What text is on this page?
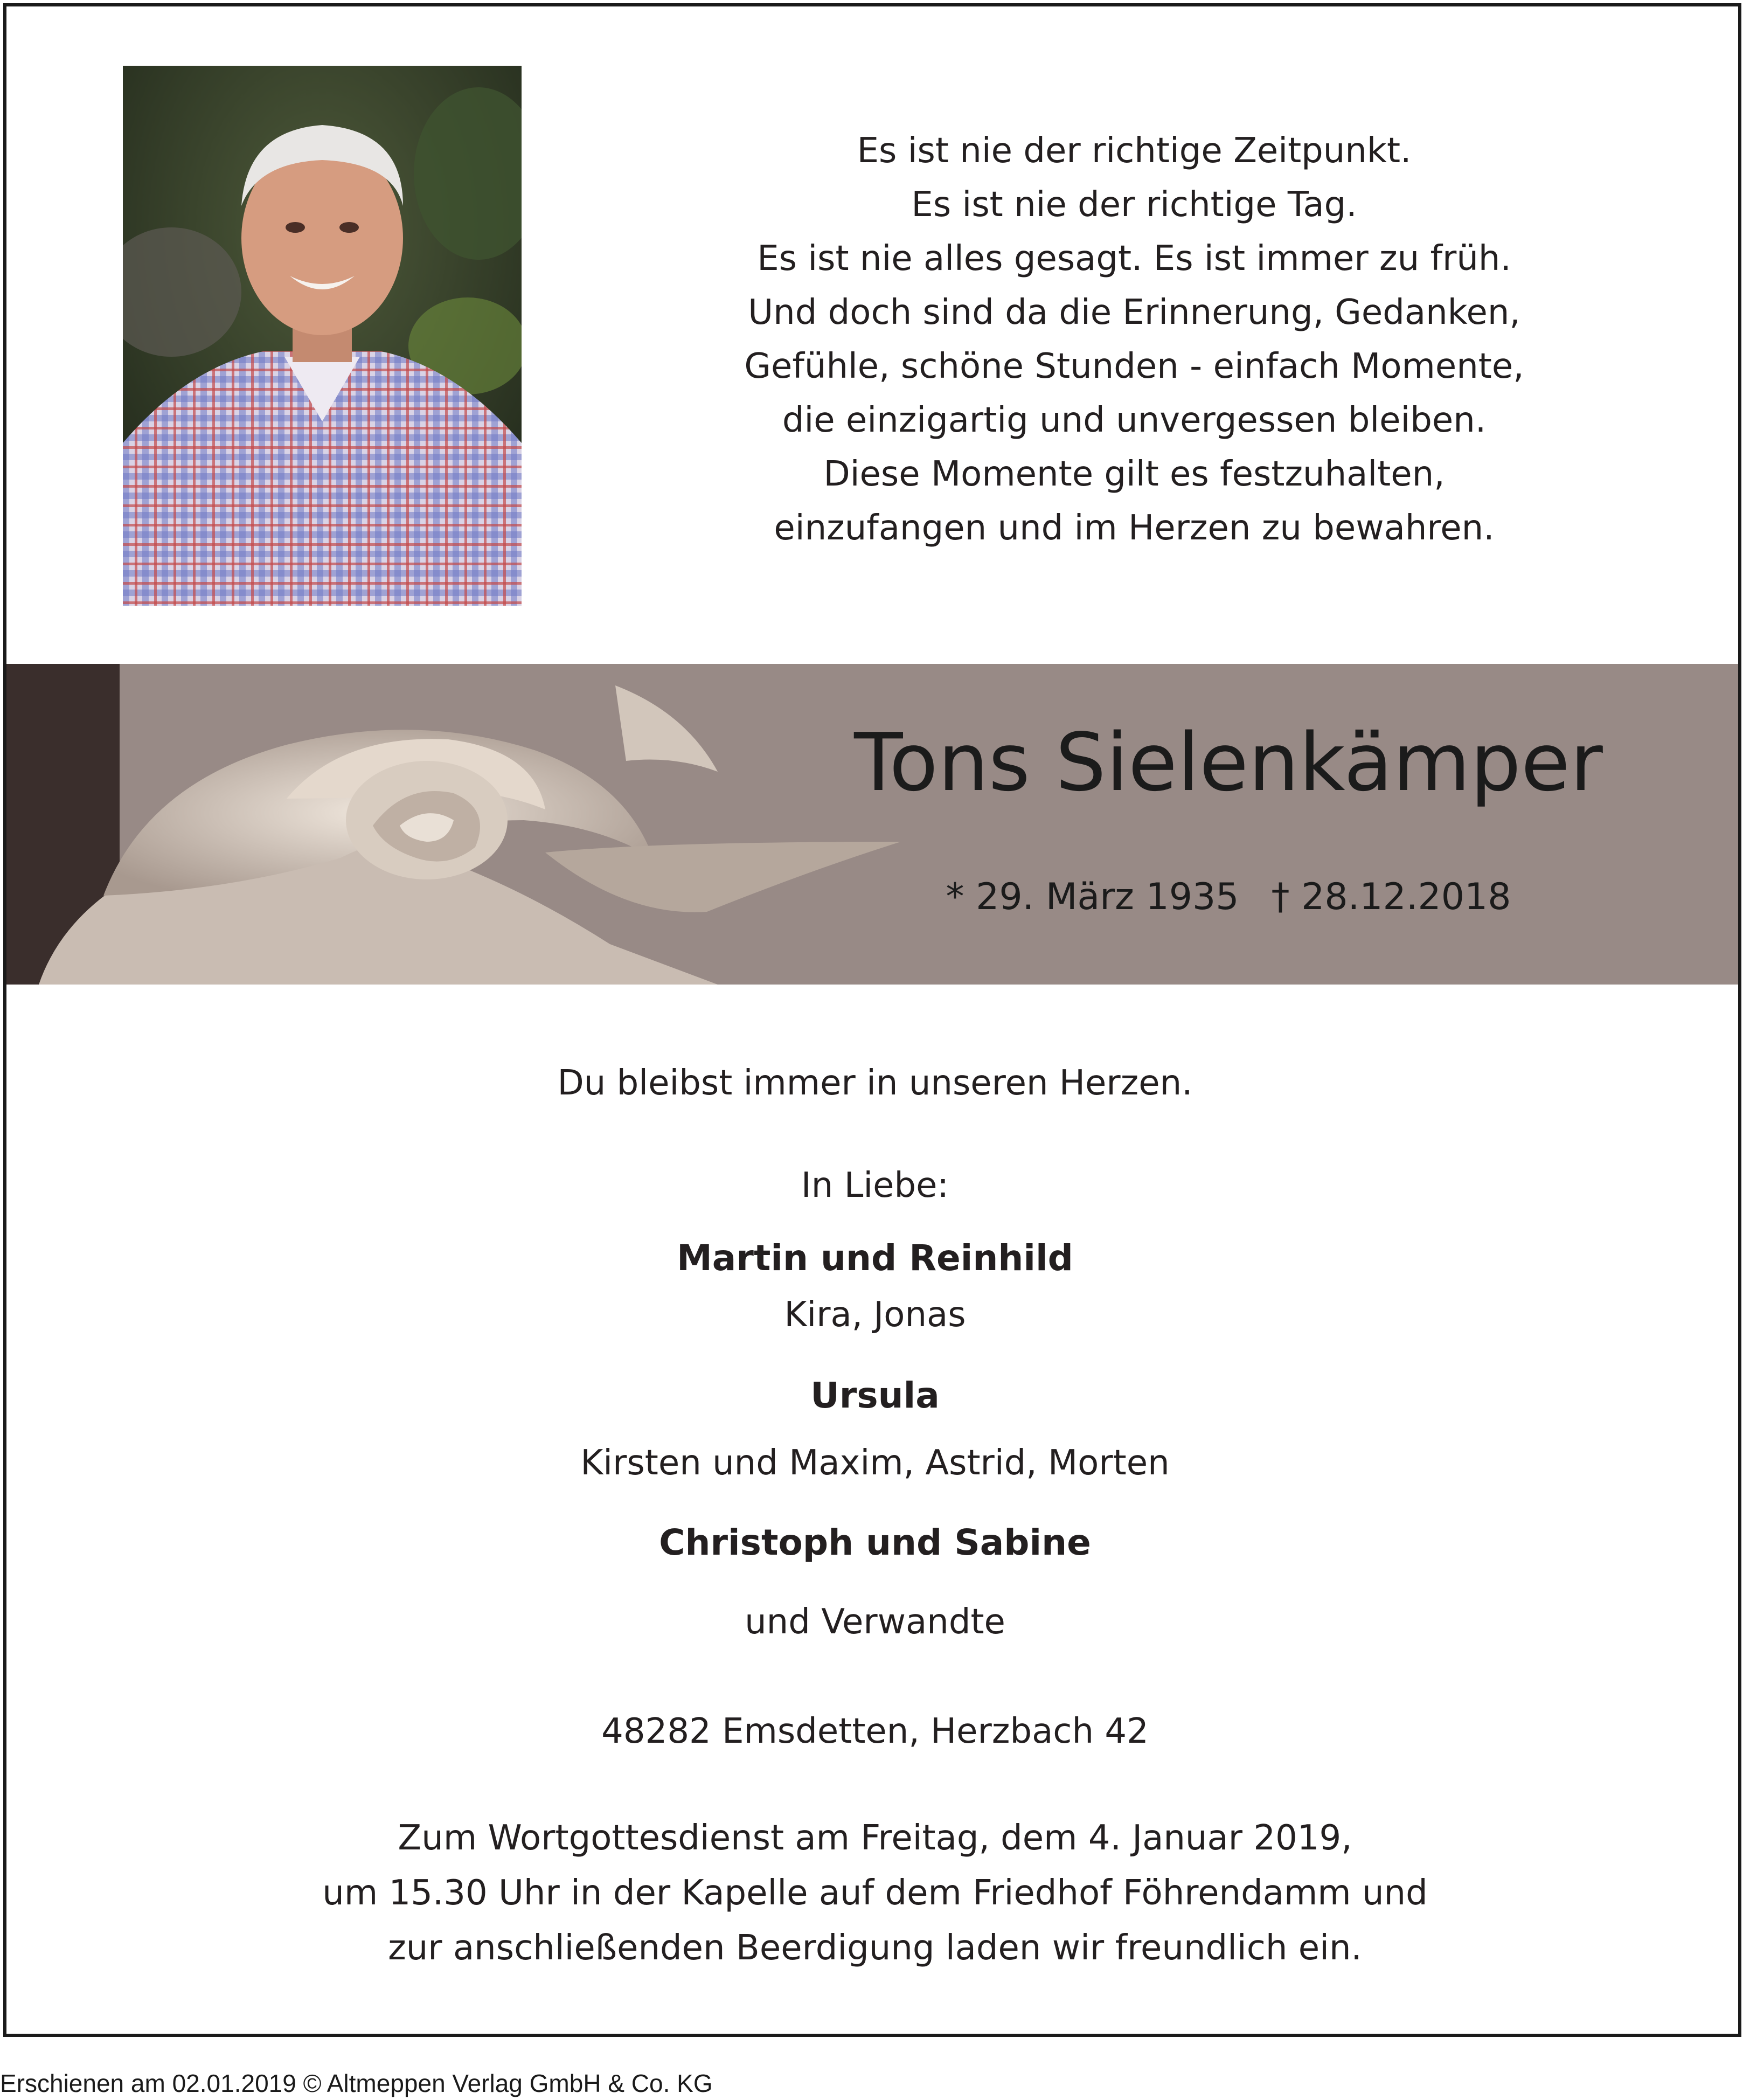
Es ist nie der richtige Zeitpunkt.
Es ist nie der richtige Tag.
Es ist nie alles gesagt. Es ist immer zu früh.
Und doch sind da die Erinnerung, Gedanken,
Gefühle, schöne Stunden - einfach Momente,
die einzigartig und unvergessen bleiben.
Diese Momente gilt es festzuhalten,
einzufangen und im Herzen zu bewahren.
Tons Sielenkämper
* 29. März 1935 † 28.12.2018
Du bleibst immer in unseren Herzen.
In Liebe:
Martin und Reinhild
Kira, Jonas
Ursula
Kirsten und Maxim, Astrid, Morten
Christoph und Sabine
und Verwandte
48282 Emsdetten, Herzbach 42
Zum Wortgottesdienst am Freitag, dem 4. Januar 2019,
um 15.30 Uhr in der Kapelle auf dem Friedhof Föhrendamm und
zur anschließenden Beerdigung laden wir freundlich ein.
Erschienen am 02.01.2019 © Altmeppen Verlag GmbH & Co. KG
